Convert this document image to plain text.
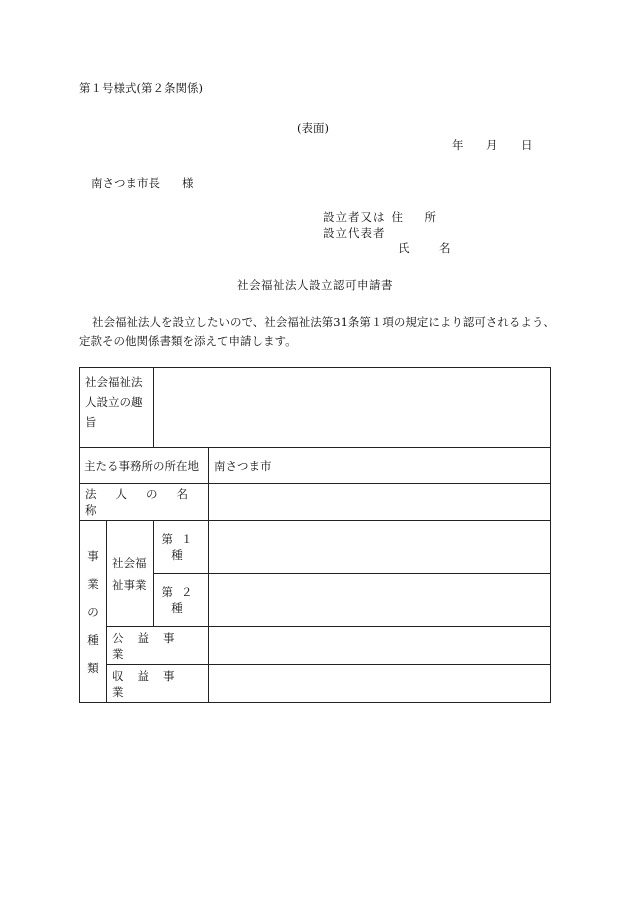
第１号様式(第２条関係)
(表面)
年 月 日
南さつま市長 様
設立者又は 住　所
設立代表者
氏　名
社会福祉法人設立認可申請書
社会福祉法人を設立したいので、社会福祉法第31条第１項の規定により認可されるよう、
定款その他関係書類を添えて申請します。
社会福祉法人設立の趣旨			
主たる事務所の所在地			南さつま市
法人の名称			

事業の種類	社会福祉事業	第１種	
		第２種	
	公益事業		
	収益事業		
